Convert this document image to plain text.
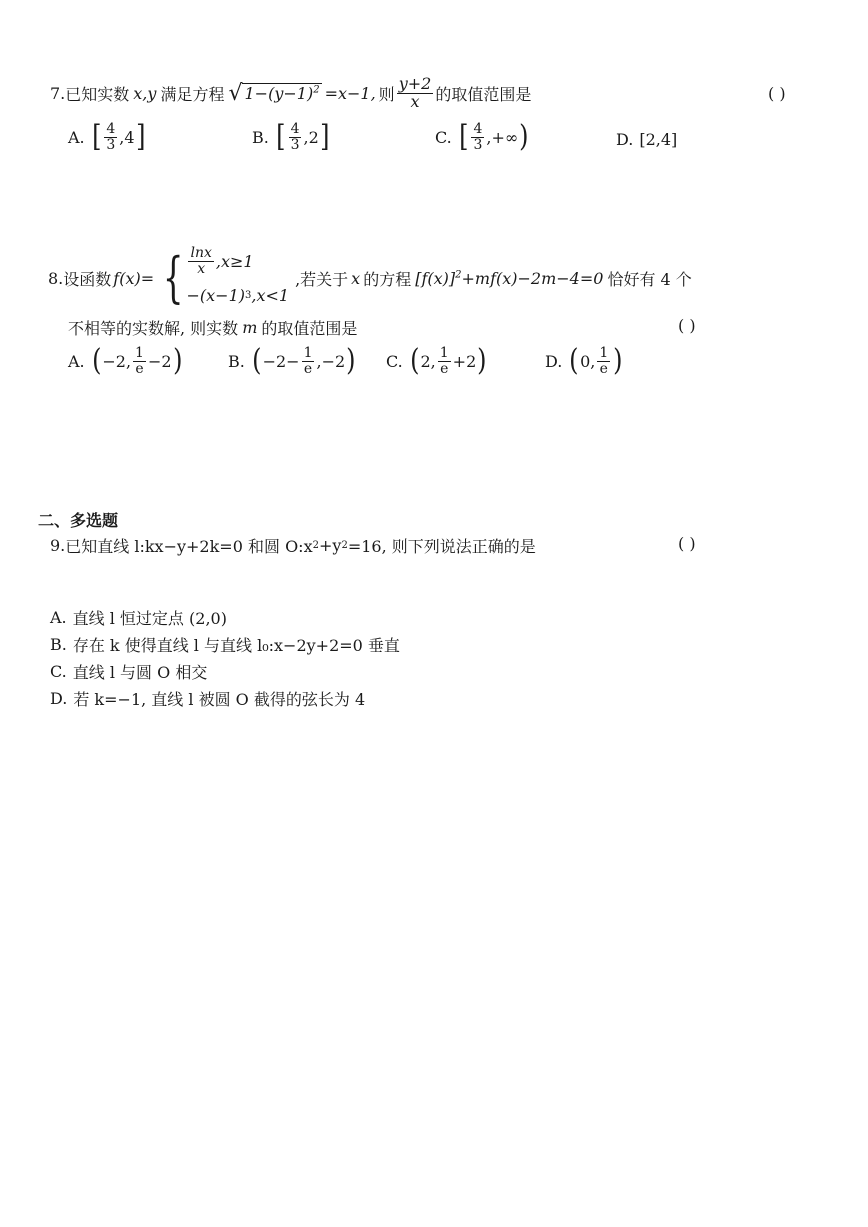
7. 已知实数 x,y 满足方程 √ $1-(y-1)^2 =x-1$, 则 $\frac{y+2}{x}$ 的取值范围是	( )
A. [ $\frac{4}{3} ,4$ ]	B. [ $\frac{4}{3} ,2$ ]	C. [ $\frac{4}{3}$ ,+∞ )	D. [2,4]
8. 设函数 f(x)= { $\frac{\ln x}{x} ,x\ge 1$
−(x−1) 3 ,x<1
,若关于 x 的方程 $[f(x)]^2+mf(x)-2m-4=0$ 恰好有 4 个
不相等的实数解, 则实数 m 的取值范围是	( )
A. ( −2, $\frac{1}{e} -2$ )	B. ( $-2- \frac{1}{e} ,-2$ ) C. ( 2, $\frac{1}{e} +2$ )	D. ( 0, $\frac{1}{e}$ )
二、多选题
9. 已知直线 l:kx−y+2k=0 和圆 O:x 2 +y 2 =16, 则下列说法正确的是	( )
A. 直线 l 恒过定点 (2,0)
B. 存在 k 使得直线 l 与直线 l₀:x−2y+2=0 垂直
C. 直线 l 与圆 O 相交
D. 若 k=−1, 直线 l 被圆 O 截得的弦长为 4
